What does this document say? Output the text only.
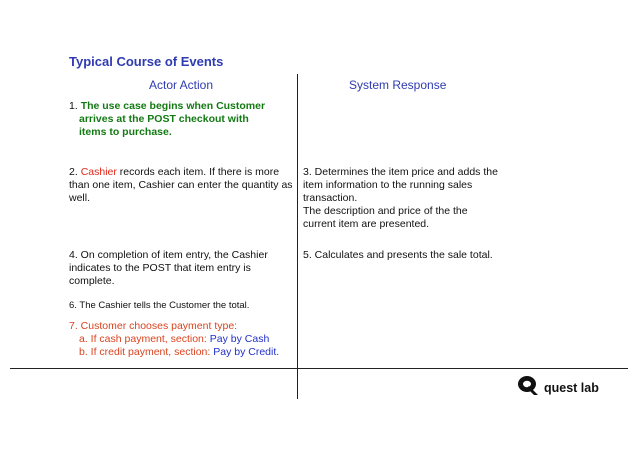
Typical Course of Events
Actor Action	System Response
1. The use case begins when Customer
arrives at the POST checkout with
items to purchase.
2. Cashier records each item. If there is more than one item, Cashier can enter the quantity as well.
3. Determines the item price and adds the item information to the running sales transaction.
The description and price of the the current item are presented.
4. On completion of item entry, the Cashier indicates to the POST that item entry is complete.
5. Calculates and presents the sale total.
6. The Cashier tells the Customer the total.
7. Customer chooses payment type:
a. If cash payment, section: Pay by Cash
b. If credit payment, section: Pay by Credit.
quest lab
